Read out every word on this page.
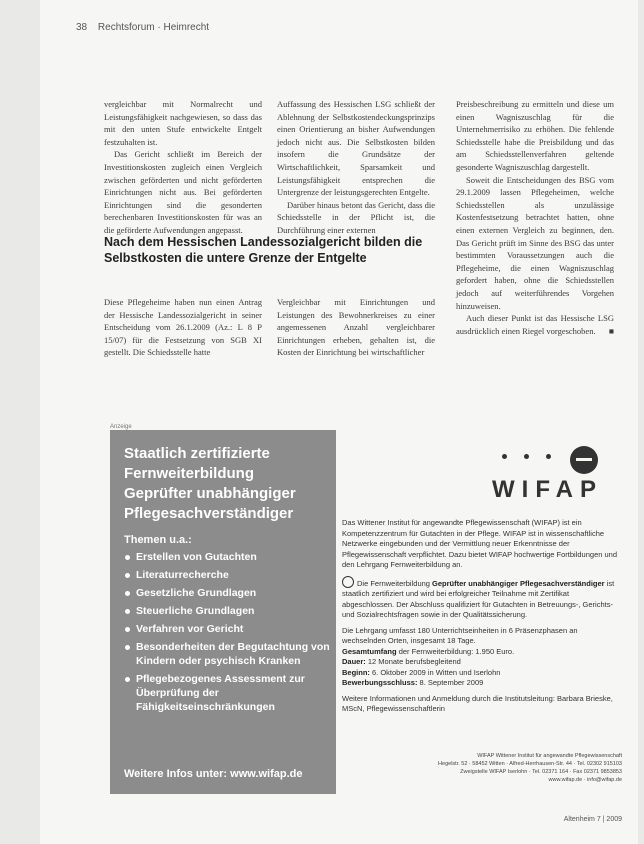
38 Rechtsforum · Heimrecht

vergleichbar mit Normalrecht und Leistungsfähigkeit nachgewiesen, so dass das mit den unten Stufe entwickelte Entgelt festzuhalten ist.

Das Gericht schließt im Bereich der Investitionskosten zugleich einen Vergleich zwischen geförderten und nicht geförderten Einrichtungen nicht aus. Bei geförderten Einrichtungen sind die gesonderten berechenbaren Investitionskosten für was an die geförderte Aufwendungen angepasst.

Auffassung des Hessischen LSG schließt der Ablehnung der Selbstkostendeckungsprinzips einen Orientierung an bisher Aufwendungen jedoch nicht aus. Die Selbstkosten bilden insofern die Grundsätze der Wirtschaftlichkeit, Sparsamkeit und Leistungsfähigkeit entsprechen die Untergrenze der leistungsgerechten Entgelte.

Darüber hinaus betont das Gericht, dass die Schiedsstelle in der Pflicht ist, die Durchführung einer externen

Preisbeschreibung zu ermitteln und diese um einen Wagniszuschlag für die Unternehmerrisiko zu erhöhen. Die fehlende Schiedsstelle habe die Preisbildung und das am Schiedsstellenverfahren geltende gesonderte Wagniszuschlag dargestellt.

Soweit die Entscheidungen des BSG vom 29.1.2009 lassen Pflegeheimen, welche Schiedsstellen als unzulässige Kostenfestsetzung betrachtet hatten, ohne einen externen Vergleich zu beginnen, den. Das Gericht prüft im Sinne des BSG das unter bestimmten Voraussetzungen auch die Pflegeheime, die einen Wagniszuschlag gefordert haben, ohne die Schiedsstellen jedoch auf weiterführendes Vorgehen hinzuweisen.

Auch dieser Punkt ist das Hessische LSG ausdrücklich einen Riegel vorgeschoben.	■

Nach dem Hessischen Landessozialgericht bilden die Selbstkosten die untere Grenze der Entgelte

Diese Pflegeheime haben nun einen Antrag der Hessische Landessozialgericht in seiner Entscheidung vom 26.1.2009 (Az.: L 8 P 15/07) für die Festsetzung von SGB XI gestellt. Die Schiedsstelle hatte

Vergleichbar mit Einrichtungen und Leistungen des Bewohnerkreises zu einer angemessenen Anzahl vergleichbarer Einrichtungen erheben, gehalten ist, die Kosten der Einrichtung bei wirtschaftlicher

Anzeige
Staatlich zertifizierte Fernweiterbildung Geprüfter unabhängiger Pflegesachverständiger
Themen u.a.:
Erstellen von Gutachten
Literaturrecherche
Gesetzliche Grundlagen
Steuerliche Grundlagen
Verfahren vor Gericht
Besonderheiten der Begutachtung von Kindern oder psychisch Kranken
Pflegebezogenes Assessment zur Überprüfung der Fähigkeitseinschränkungen
Weitere Infos unter: www.wifap.de
WIFAP

Das Wittener Institut für angewandte Pflegewissenschaft (WIFAP) ist ein Kompetenzzentrum für Gutachten in der Pflege. WIFAP ist in wissenschaftliche Netzwerke eingebunden und der Vermittlung neuer Erkenntnisse der Pflegewissenschaft verpflichtet. Dazu bietet WIFAP hochwertige Fortbildungen und den Lehrgang Fernweiterbildung an.

Die Fernweiterbildung Geprüfter unabhängiger Pflegesachverständiger ist staatlich zertifiziert und wird bei erfolgreicher Teilnahme mit Zertifikat abgeschlossen. Der Abschluss qualifiziert für Gutachten in Betreuungs-, Gerichts- und Sozialrechtsfragen sowie in der Qualitätssicherung.

Die Lehrgang umfasst 180 Unterrichtseinheiten in 6 Präsenzphasen an wechselnden Orten, insgesamt 18 Tage.
Gesamtumfang der Fernweiterbildung: 1.950 Euro.
Dauer: 12 Monate berufsbegleitend
Beginn: 6. Oktober 2009 in Witten und Iserlohn
Bewerbungsschluss: 8. September 2009

Weitere Informationen und Anmeldung durch die Institutsleitung: Barbara Brieske, MScN, Pflegewissenschaftlerin

WIFAP Wittener Institut für angewandte Pflegewissenschaft
Hegelstr. 52 · 58452 Witten · Alfred-Herrhausen-Str. 44 · Tel. 02302 915103
Zweigstelle WIFAP Iserlohn · Tel. 02371 164 · Fax 02371 9853853
www.wifap.de · info@wifap.de
Altenheim 7 | 2009
